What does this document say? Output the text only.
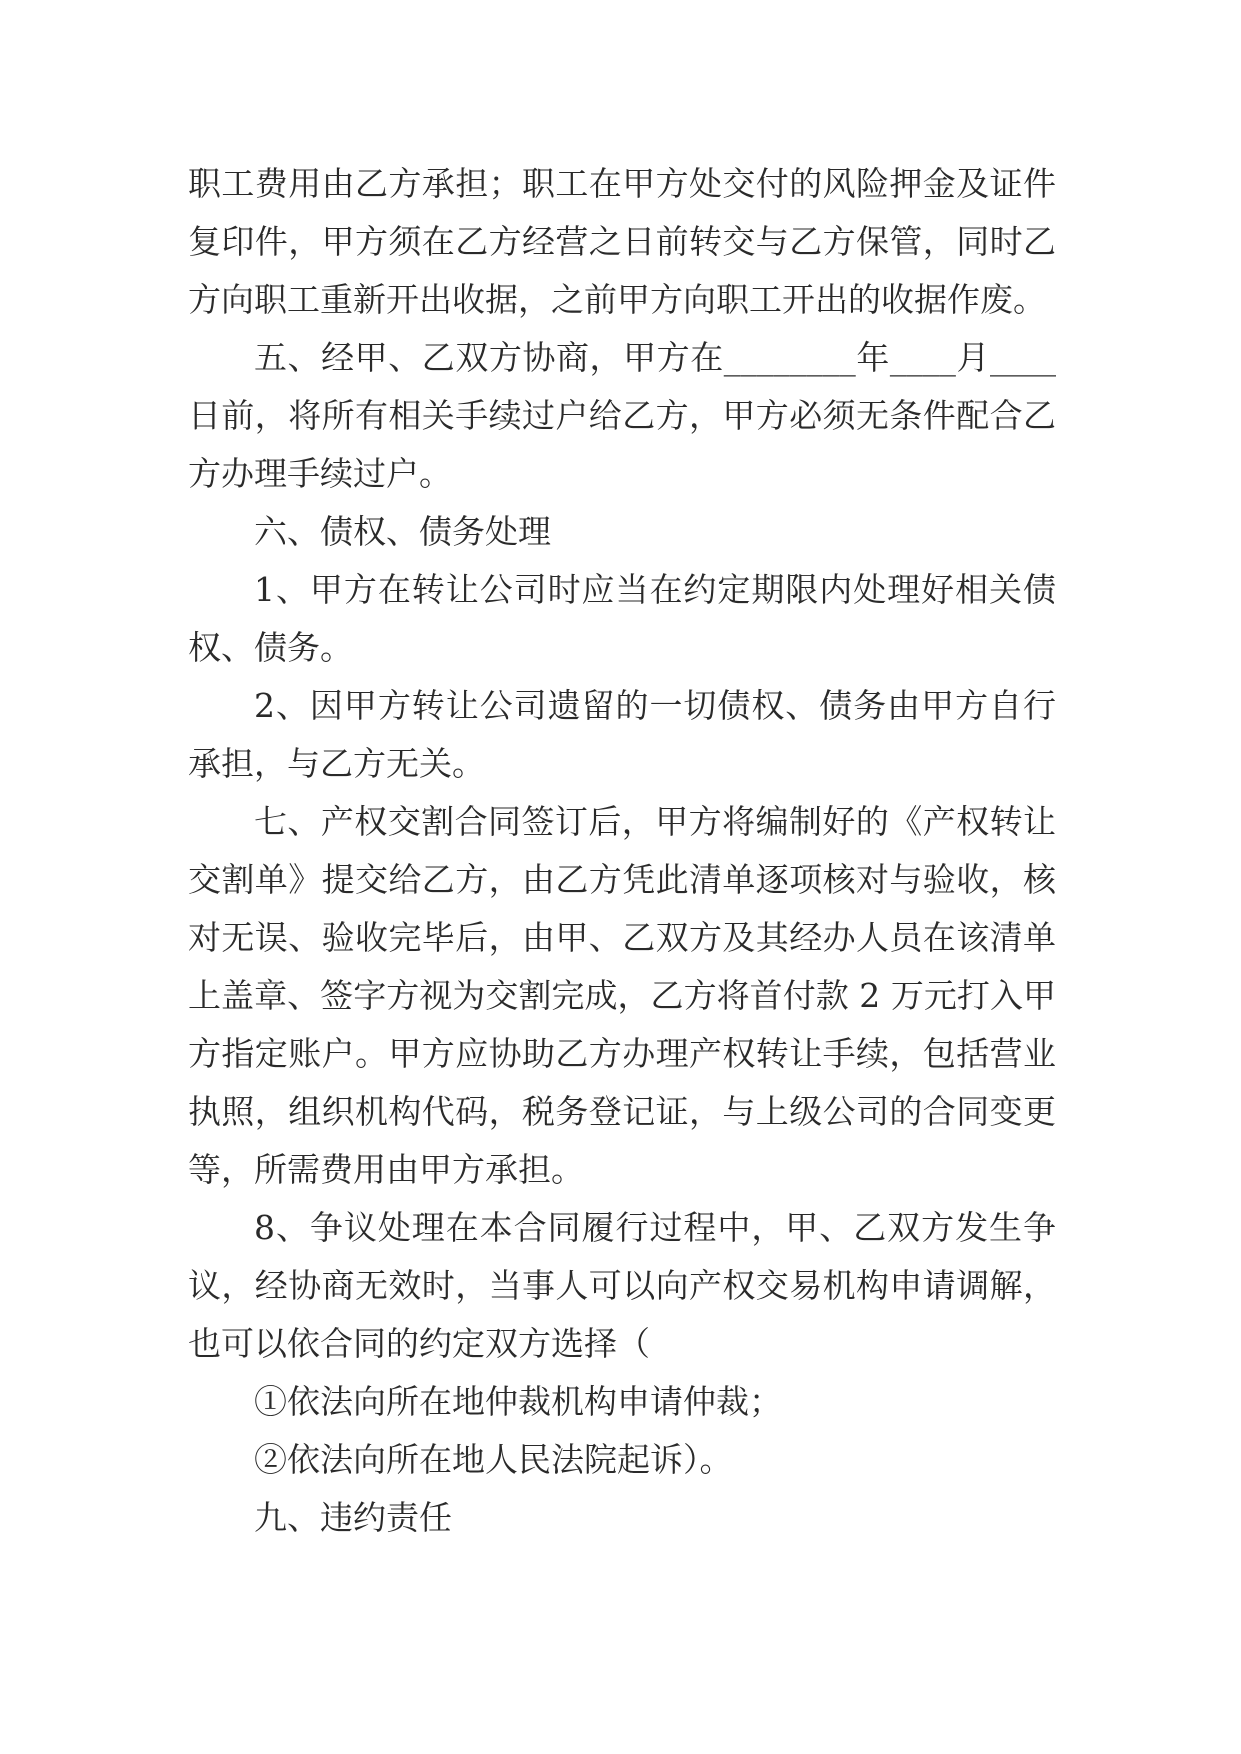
职工费用由乙方承担；职工在甲方处交付的风险押金及证件
复印件，甲方须在乙方经营之日前转交与乙方保管，同时乙
方向职工重新开出收据，之前甲方向职工开出的收据作废。
五、经甲、乙双方协商，甲方在________年____月____
日前，将所有相关手续过户给乙方，甲方必须无条件配合乙
方办理手续过户。
六、债权、债务处理
1、甲方在转让公司时应当在约定期限内处理好相关债
权、债务。
2、因甲方转让公司遗留的一切债权、债务由甲方自行
承担，与乙方无关。
七、产权交割合同签订后，甲方将编制好的《产权转让
交割单》提交给乙方，由乙方凭此清单逐项核对与验收，核
对无误、验收完毕后，由甲、乙双方及其经办人员在该清单
上盖章、签字方视为交割完成，乙方将首付款 2 万元打入甲
方指定账户。甲方应协助乙方办理产权转让手续，包括营业
执照，组织机构代码，税务登记证，与上级公司的合同变更
等，所需费用由甲方承担。
8、争议处理在本合同履行过程中，甲、乙双方发生争
议，经协商无效时，当事人可以向产权交易机构申请调解，
也可以依合同的约定双方选择（
①依法向所在地仲裁机构申请仲裁；
②依法向所在地人民法院起诉）。
九、违约责任
